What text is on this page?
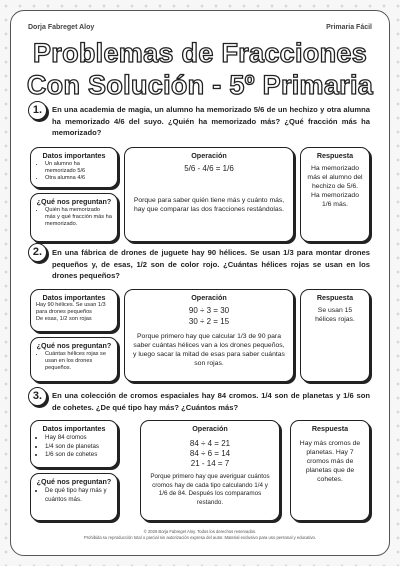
Dorja Fabreget Aloy	Primaria Fácil
Problemas de Fracciones
Con Solución - 5º Primaria
1.	En una academia de magia, un alumno ha memorizado 5/6 de un hechizo y otra alumna ha memorizado 4/6 del suyo. ¿Quién ha memorizado más? ¿Qué fracción más ha memorizado?
Datos importantes
• Un alumno ha memorizado 5/6
• Otra alumna 4/6
¿Qué nos preguntan?
• Quién ha memorizado más y qué fracción más ha memorizado.
Operación
5/6 - 4/6 = 1/6
Porque para saber quién tiene más y cuánto más, hay que comparar las dos fracciones restándolas.
Respuesta
Ha memorizado más el alumno del hechizo de 5/6. Ha memorizado 1/6 más.
2.	En una fábrica de drones de juguete hay 90 hélices. Se usan 1/3 para montar drones pequeños y, de esas, 1/2 son de color rojo. ¿Cuántas hélices rojas se usan en los drones pequeños?
Datos importantes
Hay 90 hélices. Se usan 1/3 para drones pequeños
De esas, 1/2 son rojas
¿Qué nos preguntan?
• Cuántas hélices rojas se usan en los drones pequeños.
Operación
90 ÷ 3 = 30
30 ÷ 2 = 15
Porque primero hay que calcular 1/3 de 90 para saber cuántas hélices van a los drones pequeños, y luego sacar la mitad de esas para saber cuántas son rojas.
Respuesta
Se usan 15 hélices rojas.
3.	En una colección de cromos espaciales hay 84 cromos. 1/4 son de planetas y 1/6 son de cohetes. ¿De qué tipo hay más? ¿Cuántos más?
Datos importantes
• Hay 84 cromos
• 1/4 son de planetas
• 1/6 son de cohetes
¿Qué nos preguntan?
• De qué tipo hay más y cuántos más.
Operación
84 ÷ 4 = 21
84 ÷ 6 = 14
21 - 14 = 7
Porque primero hay que averiguar cuántos cromos hay de cada tipo calculando 1/4 y 1/6 de 84. Después los comparamos restando.
Respuesta
Hay más cromos de planetas. Hay 7 cromos más de planetas que de cohetes.
© 2026 Borja Fabreget Aloy. Todos los derechos reservados.
Prohibida su reproducción total o parcial sin autorización expresa del autor. Material exclusivo para uso personal y educativo.
